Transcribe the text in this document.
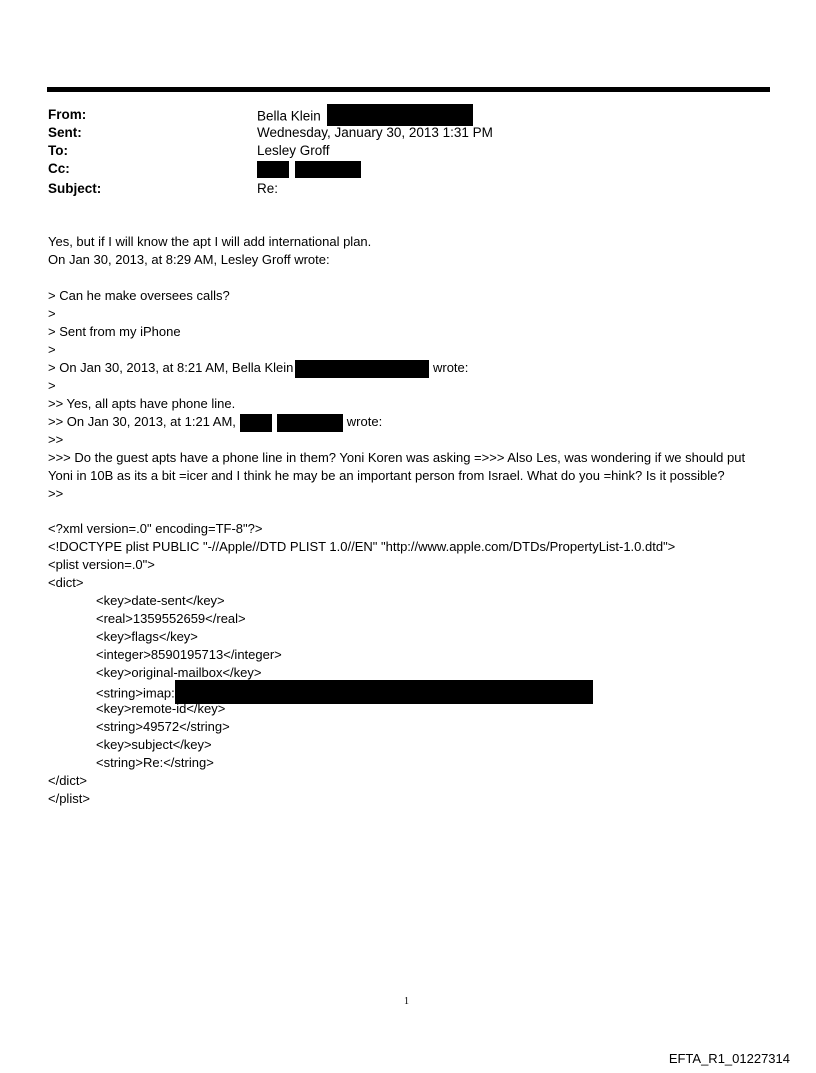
From:	Bella Klein
Sent:	Wednesday, January 30, 2013 1:31 PM
To:	Lesley Groff
Cc:

Subject:	Re:
Yes, but if I will know the apt I will add international plan.
On Jan 30, 2013, at 8:29 AM, Lesley Groff wrote:
> Can he make oversees calls?
>
> Sent from my iPhone
>
> On Jan 30, 2013, at 8:21 AM, Bella Klein	wrote:
>
>> Yes, all apts have phone line.
>> On Jan 30, 2013, at 1:21 AM,	wrote:
>>
>>> Do the guest apts have a phone line in them? Yoni Koren was asking =>>> Also Les, was wondering if we should put Yoni in 10B as its a bit =icer and I think he may be an important person from Israel. What do you =hink? Is it possible?
>>
<?xml version=.0" encoding=TF-8"?>
<!DOCTYPE plist PUBLIC "-//Apple//DTD PLIST 1.0//EN" "http://www.apple.com/DTDs/PropertyList-1.0.dtd">
<plist version=.0">
<dict>
<key>date-sent</key>
<real>1359552659</real>
<key>flags</key>
<integer>8590195713</integer>
<key>original-mailbox</key>
<string>imap:
<key>remote-id</key>
<string>49572</string>
<key>subject</key>
<string>Re:</string>
</dict>
</plist>
1
EFTA_R1_01227314
